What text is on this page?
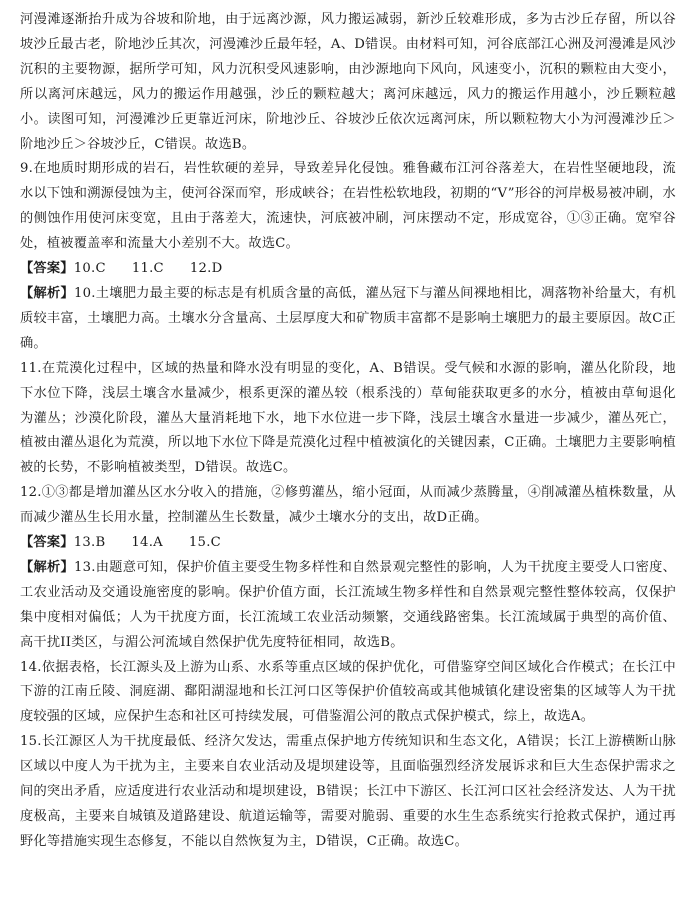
河漫滩逐渐抬升成为谷坡和阶地，由于远离沙源，风力搬运减弱，新沙丘较难形成，多为古沙丘存留，所以谷坡沙丘最古老，阶地沙丘其次，河漫滩沙丘最年轻，A、D错误。由材料可知，河谷底部江心洲及河漫滩是风沙沉积的主要物源，据所学可知，风力沉积受风速影响，由沙源地向下风向，风速变小，沉积的颗粒由大变小，所以离河床越远，风力的搬运作用越强，沙丘的颗粒越大；离河床越远，风力的搬运作用越小，沙丘颗粒越小。读图可知，河漫滩沙丘更靠近河床，阶地沙丘、谷坡沙丘依次远离河床，所以颗粒物大小为河漫滩沙丘＞阶地沙丘＞谷坡沙丘，C错误。故选B。

9.在地质时期形成的岩石，岩性软硬的差异，导致差异化侵蚀。雅鲁藏布江河谷落差大，在岩性坚硬地段，流水以下蚀和溯源侵蚀为主，使河谷深而窄，形成峡谷；在岩性松软地段，初期的“V”形谷的河岸极易被冲刷，水的侧蚀作用使河床变宽，且由于落差大，流速快，河底被冲刷，河床摆动不定，形成宽谷，①③正确。宽窄谷处，植被覆盖率和流量大小差别不大。故选C。

【答案】10.C 11.C 12.D

【解析】10.土壤肥力最主要的标志是有机质含量的高低，灌丛冠下与灌丛间裸地相比，凋落物补给量大，有机质较丰富，土壤肥力高。土壤水分含量高、土层厚度大和矿物质丰富都不是影响土壤肥力的最主要原因。故C正确。

11.在荒漠化过程中，区域的热量和降水没有明显的变化，A、B错误。受气候和水源的影响，灌丛化阶段，地下水位下降，浅层土壤含水量减少，根系更深的灌丛较（根系浅的）草甸能获取更多的水分，植被由草甸退化为灌丛；沙漠化阶段，灌丛大量消耗地下水，地下水位进一步下降，浅层土壤含水量进一步减少，灌丛死亡，植被由灌丛退化为荒漠，所以地下水位下降是荒漠化过程中植被演化的关键因素，C正确。土壤肥力主要影响植被的长势，不影响植被类型，D错误。故选C。

12.①③都是增加灌丛区水分收入的措施，②修剪灌丛，缩小冠面，从而减少蒸腾量，④削减灌丛植株数量，从而减少灌丛生长用水量，控制灌丛生长数量，减少土壤水分的支出，故D正确。

【答案】13.B 14.A 15.C

【解析】13.由题意可知，保护价值主要受生物多样性和自然景观完整性的影响，人为干扰度主要受人口密度、工农业活动及交通设施密度的影响。保护价值方面，长江流域生物多样性和自然景观完整性整体较高，仅保护集中度相对偏低；人为干扰度方面，长江流域工农业活动频繁，交通线路密集。长江流域属于典型的高价值、高干扰II类区，与湄公河流域自然保护优先度特征相同，故选B。

14.依据表格，长江源头及上游为山系、水系等重点区域的保护优化，可借鉴穿空间区域化合作模式；在长江中下游的江南丘陵、洞庭湖、鄱阳湖湿地和长江河口区等保护价值较高或其他城镇化建设密集的区域等人为干扰度较强的区域，应保护生态和社区可持续发展，可借鉴湄公河的散点式保护模式，综上，故选A。

15.长江源区人为干扰度最低、经济欠发达，需重点保护地方传统知识和生态文化，A错误；长江上游横断山脉区域以中度人为干扰为主，主要来自农业活动及堤坝建设等，且面临强烈经济发展诉求和巨大生态保护需求之间的突出矛盾，应适度进行农业活动和堤坝建设，B错误；长江中下游区、长江河口区社会经济发达、人为干扰度极高，主要来自城镇及道路建设、航道运输等，需要对脆弱、重要的水生生态系统实行抢救式保护，通过再野化等措施实现生态修复，不能以自然恢复为主，D错误，C正确。故选C。
